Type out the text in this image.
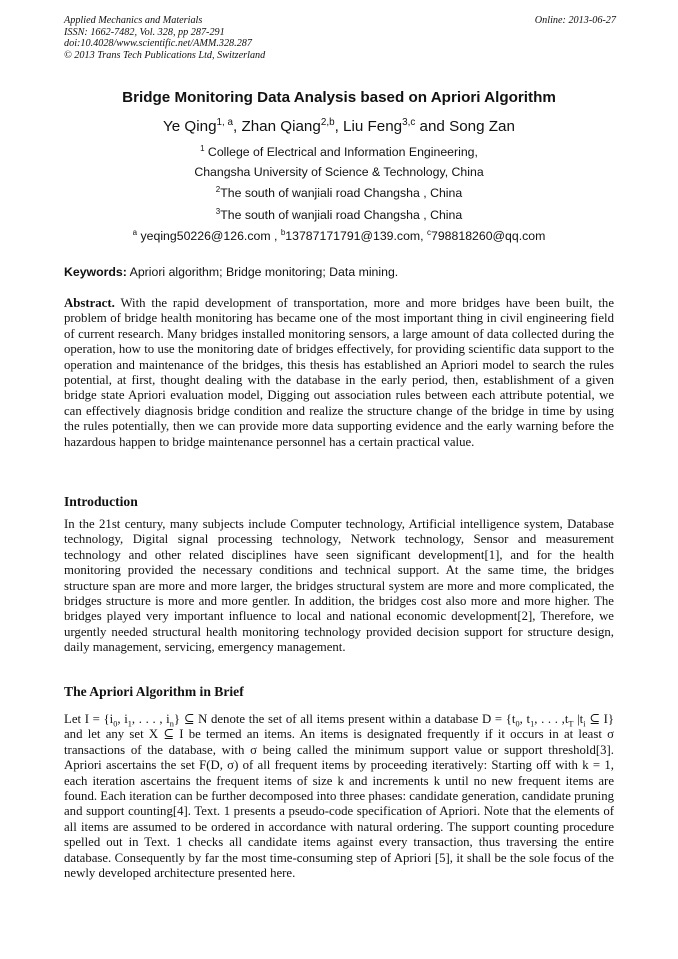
Applied Mechanics and Materials
ISSN: 1662-7482, Vol. 328, pp 287-291
doi:10.4028/www.scientific.net/AMM.328.287
© 2013 Trans Tech Publications Ltd, Switzerland
Online: 2013-06-27
Bridge Monitoring Data Analysis based on Apriori Algorithm
Ye Qing$^{1, a}$, Zhan Qiang$^{2,b}$, Liu Feng$^{3,c}$ and Song Zan
$^1$ College of Electrical and Information Engineering,
Changsha University of Science & Technology, China
$^2$The south of wanjiali road Changsha , China
$^3$The south of wanjiali road Changsha , China
$^a$ yeqing50226@126.com , $^b$13787171791@139.com, $^c$798818260@qq.com
Keywords: Apriori algorithm; Bridge monitoring; Data mining.
Abstract. With the rapid development of transportation, more and more bridges have been built, the problem of bridge health monitoring has became one of the most important thing in civil engineering field of current research. Many bridges installed monitoring sensors, a large amount of data collected during the operation, how to use the monitoring date of bridges effectively, for providing scientific data support to the operation and maintenance of the bridges, this thesis has established an Apriori model to search the rules potential, at first, thought dealing with the database in the early period, then, establishment of a given bridge state Apriori evaluation model, Digging out association rules between each attribute potential, we can effectively diagnosis bridge condition and realize the structure change of the bridge in time by using the rules potentially, then we can provide more data supporting evidence and the early warning before the hazardous happen to bridge maintenance personnel has a certain practical value.
Introduction
In the 21st century, many subjects include Computer technology, Artificial intelligence system, Database technology, Digital signal processing technology, Network technology, Sensor and measurement technology and other related disciplines have seen significant development[1], and for the health monitoring provided the necessary conditions and technical support. At the same time, the bridges structure span are more and more larger, the bridges structural system are more and more complicated, the bridges structure is more and more gentler. In addition, the bridges cost also more and more higher. The bridges played very important influence to local and national economic development[2], Therefore, we urgently needed structural health monitoring technology provided decision support for structure design, daily management, servicing, emergency management.
The Apriori Algorithm in Brief
Let $I = \{i_0$, $i_1$, . . . , $i_n$} ⊆ N denote the set of all items present within a database $D = \{t_0$, $t_1$, . . . $,t_T$ $|t_i$ ⊆ I} and let any set X ⊆ I be termed an items. An items is designated frequently if it occurs in at least σ transactions of the database, with σ being called the minimum support value or support threshold[3]. Apriori ascertains the set F(D, σ) of all frequent items by proceeding iteratively: Starting off with k = 1, each iteration ascertains the frequent items of size k and increments k until no new frequent items are found. Each iteration can be further decomposed into three phases: candidate generation, candidate pruning and support counting[4]. Text. 1 presents a pseudo-code specification of Apriori. Note that the elements of all items are assumed to be ordered in accordance with natural ordering. The support counting procedure spelled out in Text. 1 checks all candidate items against every transaction, thus traversing the entire database. Consequently by far the most time-consuming step of Apriori [5], it shall be the sole focus of the newly developed architecture presented here.
